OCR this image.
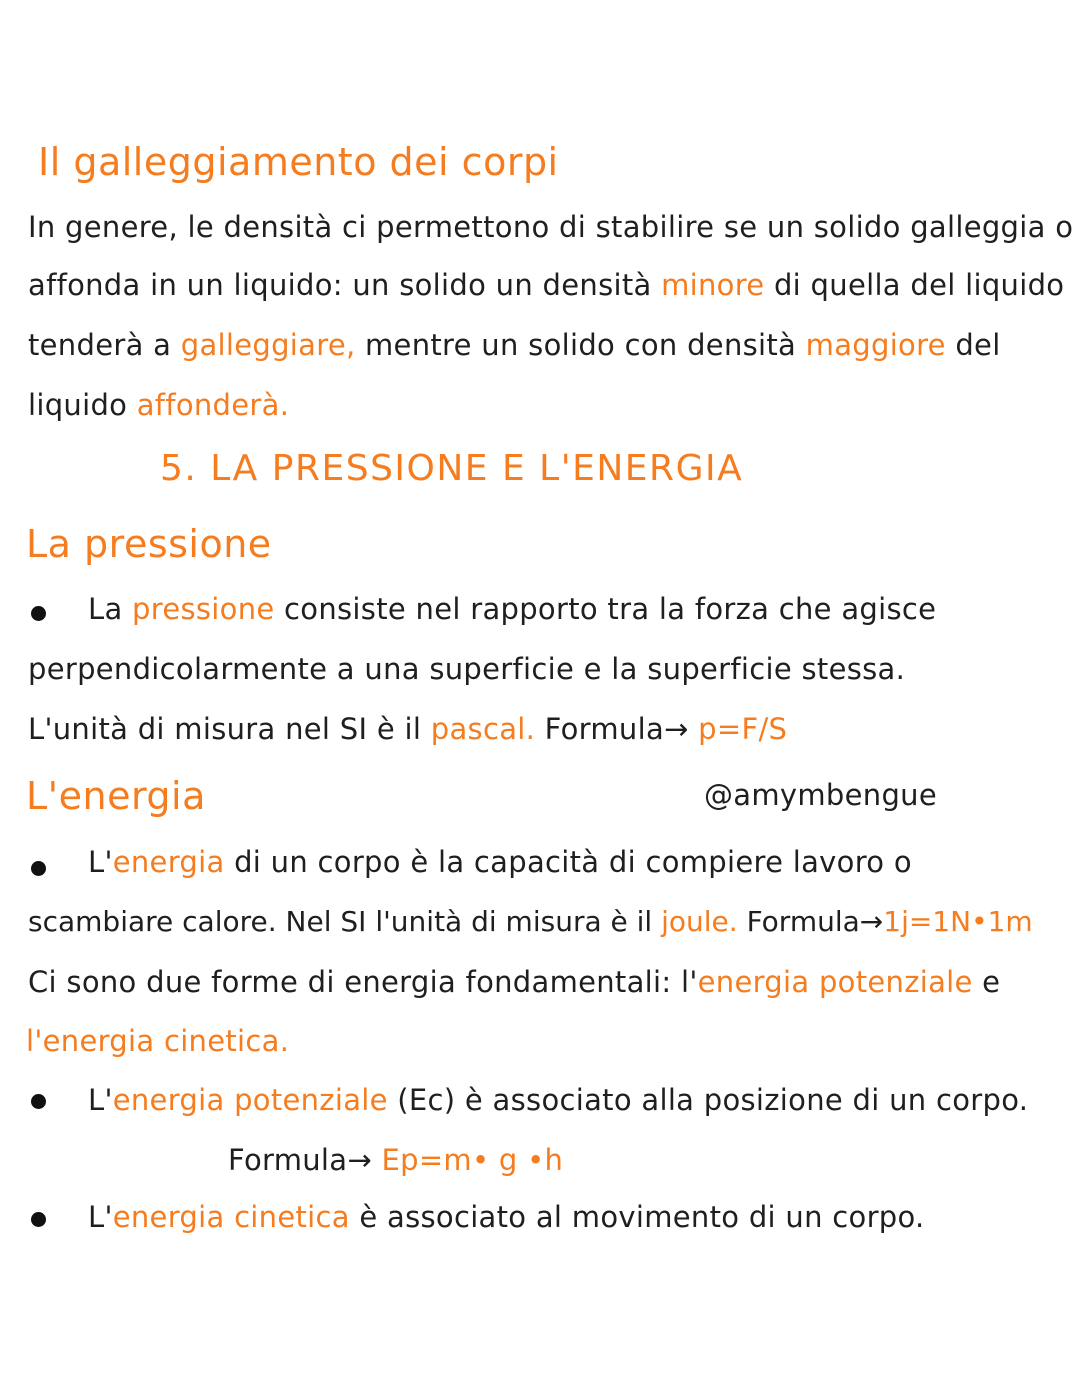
Il galleggiamento dei corpi
In genere, le densità ci permettono di stabilire se un solido galleggia o
affonda in un liquido: un solido un densità minore di quella del liquido
tenderà a galleggiare, mentre un solido con densità maggiore del
liquido affonderà.
5. LA PRESSIONE E L'ENERGIA
La pressione
La pressione consiste nel rapporto tra la forza che agisce
perpendicolarmente a una superficie e la superficie stessa.
L'unità di misura nel SI è il pascal. Formula→ p=F/S
L'energia	@amymbengue
L'energia di un corpo è la capacità di compiere lavoro o
scambiare calore. Nel SI l'unità di misura è il joule. Formula→1j=1N•1m
Ci sono due forme di energia fondamentali: l'energia potenziale e
l'energia cinetica.
L'energia potenziale (Ec) è associato alla posizione di un corpo.
Formula→ Ep=m• g •h
L'energia cinetica è associato al movimento di un corpo.
